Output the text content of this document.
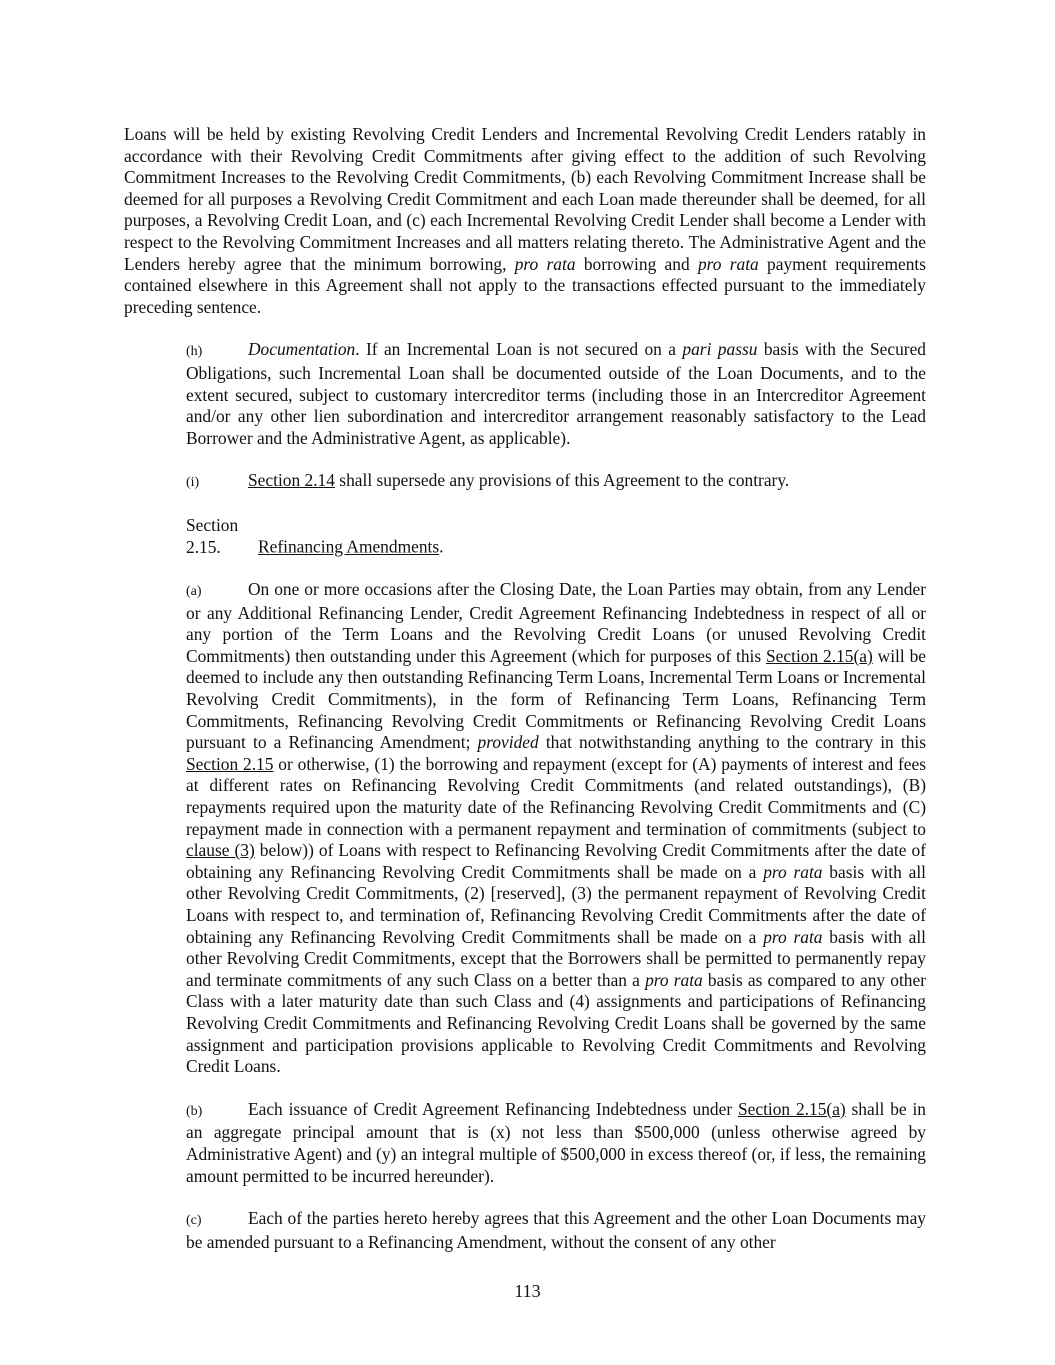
Loans will be held by existing Revolving Credit Lenders and Incremental Revolving Credit Lenders ratably in accordance with their Revolving Credit Commitments after giving effect to the addition of such Revolving Commitment Increases to the Revolving Credit Commitments, (b) each Revolving Commitment Increase shall be deemed for all purposes a Revolving Credit Commitment and each Loan made thereunder shall be deemed, for all purposes, a Revolving Credit Loan, and (c) each Incremental Revolving Credit Lender shall become a Lender with respect to the Revolving Commitment Increases and all matters relating thereto. The Administrative Agent and the Lenders hereby agree that the minimum borrowing, pro rata borrowing and pro rata payment requirements contained elsewhere in this Agreement shall not apply to the transactions effected pursuant to the immediately preceding sentence.

(h)	Documentation. If an Incremental Loan is not secured on a pari passu basis with the Secured Obligations, such Incremental Loan shall be documented outside of the Loan Documents, and to the extent secured, subject to customary intercreditor terms (including those in an Intercreditor Agreement and/or any other lien subordination and intercreditor arrangement reasonably satisfactory to the Lead Borrower and the Administrative Agent, as applicable).

(i)	Section 2.14 shall supersede any provisions of this Agreement to the contrary.

Section 2.15. Refinancing Amendments.

(a)	On one or more occasions after the Closing Date, the Loan Parties may obtain, from any Lender or any Additional Refinancing Lender, Credit Agreement Refinancing Indebtedness in respect of all or any portion of the Term Loans and the Revolving Credit Loans (or unused Revolving Credit Commitments) then outstanding under this Agreement (which for purposes of this Section 2.15(a) will be deemed to include any then outstanding Refinancing Term Loans, Incremental Term Loans or Incremental Revolving Credit Commitments), in the form of Refinancing Term Loans, Refinancing Term Commitments, Refinancing Revolving Credit Commitments or Refinancing Revolving Credit Loans pursuant to a Refinancing Amendment; provided that notwithstanding anything to the contrary in this Section 2.15 or otherwise, (1) the borrowing and repayment (except for (A) payments of interest and fees at different rates on Refinancing Revolving Credit Commitments (and related outstandings), (B) repayments required upon the maturity date of the Refinancing Revolving Credit Commitments and (C) repayment made in connection with a permanent repayment and termination of commitments (subject to clause (3) below)) of Loans with respect to Refinancing Revolving Credit Commitments after the date of obtaining any Refinancing Revolving Credit Commitments shall be made on a pro rata basis with all other Revolving Credit Commitments, (2) [reserved], (3) the permanent repayment of Revolving Credit Loans with respect to, and termination of, Refinancing Revolving Credit Commitments after the date of obtaining any Refinancing Revolving Credit Commitments shall be made on a pro rata basis with all other Revolving Credit Commitments, except that the Borrowers shall be permitted to permanently repay and terminate commitments of any such Class on a better than a pro rata basis as compared to any other Class with a later maturity date than such Class and (4) assignments and participations of Refinancing Revolving Credit Commitments and Refinancing Revolving Credit Loans shall be governed by the same assignment and participation provisions applicable to Revolving Credit Commitments and Revolving Credit Loans.

(b)	Each issuance of Credit Agreement Refinancing Indebtedness under Section 2.15(a) shall be in an aggregate principal amount that is (x) not less than $500,000 (unless otherwise agreed by Administrative Agent) and (y) an integral multiple of $500,000 in excess thereof (or, if less, the remaining amount permitted to be incurred hereunder).

(c)	Each of the parties hereto hereby agrees that this Agreement and the other Loan Documents may be amended pursuant to a Refinancing Amendment, without the consent of any other

113
